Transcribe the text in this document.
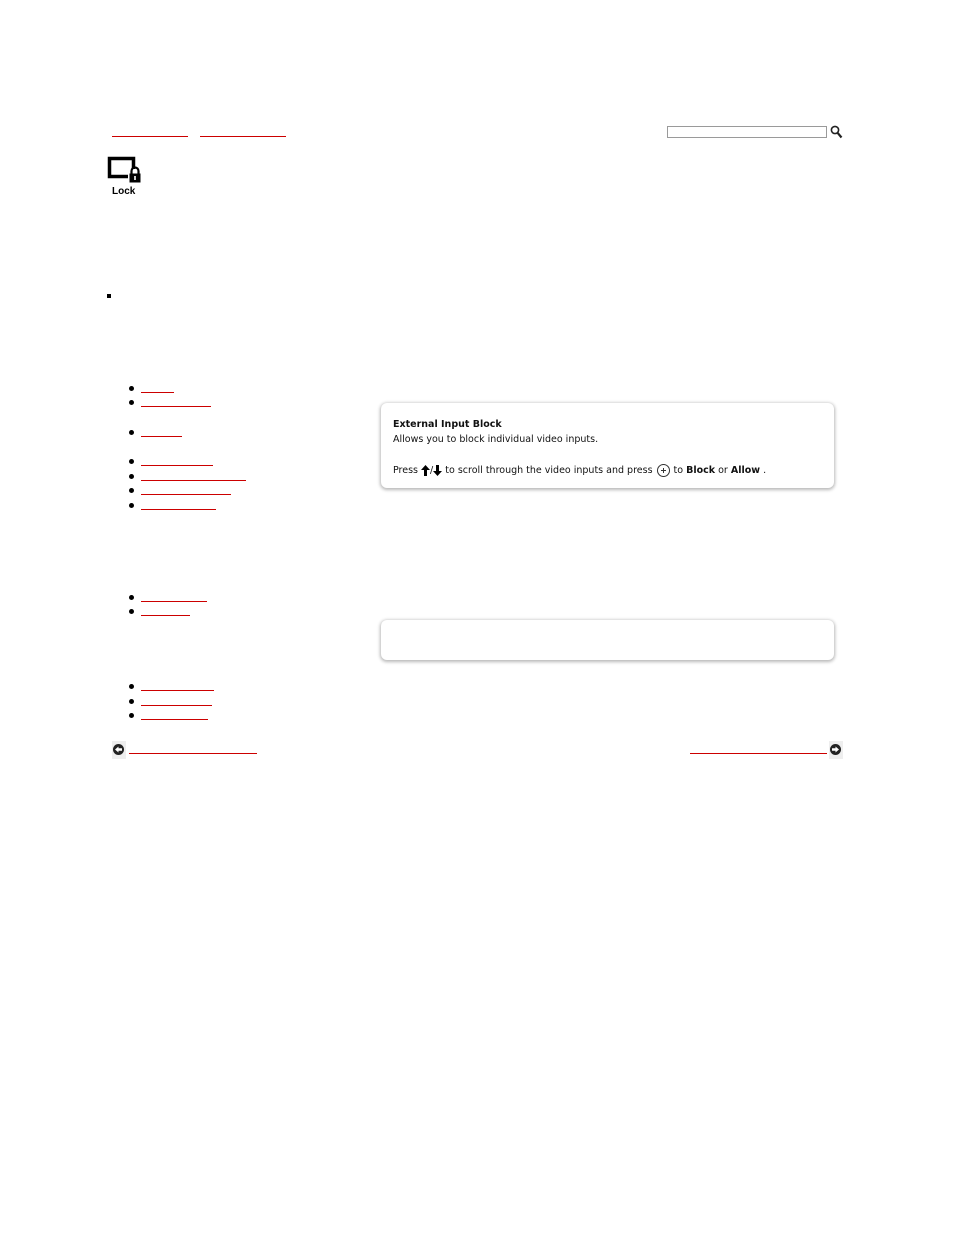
Lock
External Input Block
Allows you to block individual video inputs.
Press
/
to scroll through the video inputs and press to
Block
or
Allow
.
